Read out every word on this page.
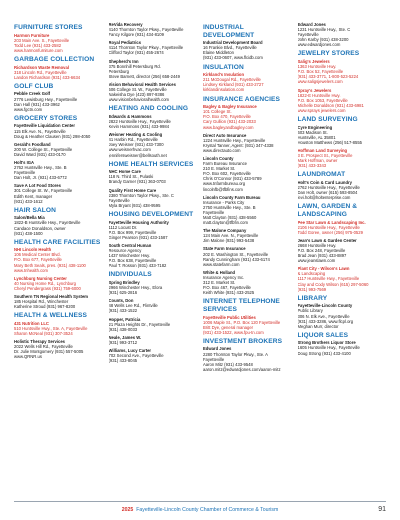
FURNITURE STORES
Harmon Furniture
203 Main Ave. S., Fayetteville
Todd Lee (931) 433-2582
www.harmonfurniture.com
GARBAGE COLLECTION
Richardson Waste Removal
318 Lincoln Rd., Fayetteville
Landon Richardson (931) 433-6634
GOLF CLUB
Pebble Creek Golf
2776 Lewisburg Hwy., Fayetteville
Dan Hall (931) 433-3962
www.fgctn.com
GROCERY STORES
Fayetteville Liquidation Center
115 Elk Ave. N., Fayetteville
Doug & Heather Clausen (931) 298-4050
Gerald's Foodland
200 W. College St., Fayetteville
David Ward (931) 433-0170
Holt's IGA
2762 Huntsville Hwy., Ste. B
Fayetteville
Dan Holt, Jr. (931) 433-6772
Save A Lot Food Stores
301 College St. W., Fayetteville
Edith Kent, manager
(931) 433-1612
HAIR SALON
Salon/Bella Mia
1822-B Huntsville Hwy., Fayetteville
Candace Donaldson, owner
(931) 438-1500
HEALTH CARE FACILITIES
NHI Lincoln Health
106 Medical Center Blvd.
P.O. Box 677, Fayetteville
Mary Beth Seals, pres. (931) 438-1100
www.tnhealth.com
Lynchburg Nursing Center
40 Nursing Home Rd., Lynchburg
Cheryl Pendergrass (931) 759-6000
Southern TN Regional Health System
185 Hospital Rd., Winchester
Katherine Stroud (931) 967-8200
HEALTH & WELLNESS
431 Nutrition LLC
510 Huntsville Hwy., Ste. A, Fayetteville
Sharon McNeal (931) 307-3524
Holistic Therapy Services
2022 Wells Hill Rd., Fayetteville
Dr. Julie Montgomery (931) 557-5005
www.QRNR.us
ReVida Recovery
4140 Thornton Taylor Pkwy., Fayetteville
Fancy Kilgore (931) 434-8109
Royal Pediatrics
4114 Thornton Taylor Pkwy., Fayetteville
Clifford Taylor (931) 455-2674
Shepherd's Inn
375 Bonnhill Petersburg Rd.
Petersburg
Steve Barnett, director (256) 658-2449
Vision Behavioral Health Services
506 College St. W., Fayetteville
Nakeisha Dye (423) 897-9386
www.visionbehavioralhealth.com
HEATING AND COOLING
Edwards & Hammons
2822 Huntsville Hwy., Fayetteville
Kevin Hammons (931) 433-9984
Weisner Heating & Cooling
41 Harbin Rd., Fayetteville
Joey Weisner (931) 433-7300
www.weisnerhvac.com
jennifersweisner@bellsouth.net
HOME HEALTH SERVICES
NHC Home Care
118 N. Third St., Pulaski
Brandy Garner (931) 363-0703
Quality First Home Care
2380 Thornton Taylor Pkwy., Ste. C
Fayetteville
Myla Bryant (931) 438-9595
HOUSING DEVELOPMENT
Fayetteville Housing Authority
1112 Locust Dr.
P.O. Box 999, Fayetteville
Ginger Pearson (931) 433-1587
South Central Human
Resource Agency
1437 Winchester Hwy.
P.O. Box 638, Fayetteville
Paul T. Rosson (931) 433-7182
INDIVIDUALS
Spring Brindley
2966 Winchester Hwy., Elora
(931) 625-2816
Counts, Don
48 Wells Lee Rd., Flintville
(931) 433-1522
Hopper, Patricia
21 Plaza Heights Dr., Fayetteville
(931) 438-0033
Neale, James W.
(931) 993-3712
Williams, Lucy Carter
702 Second Ave., Fayetteville
(931) 433-8045
INDUSTRIAL DEVELOPMENT
Industrial Development Board
16 Frankie Blvd., Fayetteville
Elaine Middleton
(931) 433-0607, www.flcidb.com
INSULATION
Kirkland's Insulation
211 McDougal Rd., Fayetteville
Lindsey Kirkland (931) 433-2727
kirklandinsulation.com
INSURANCE AGENCIES
Bagley & Bagley Insurance
101 College St.
P.O. Box 470, Fayetteville
Cary Gullion (931) 433-2033
www.bagleyandbagley.com
Direct Auto Insurance
1224 Huntsville Hwy., Fayetteville
Krystal Tanner, Agent: (931) 347-4338
www.directauto.com
Lincoln County
Farm Bureau Insurance
210 E. Market St.
P.O. Box 602, Fayetteville
Chris O'Connor (931) 433-5789
www.tnfarmbureau.org
lincolnfb@tfbfins.com
Lincoln County Farm Bureau
Insurance - Parks City
2750 Huntsville Hwy., Ste. B
Fayetteville
Matt Clayton (931) 438-5560
matt.clayton@tfbfin.com
The Malone Company
124 Main Ave. N., Fayetteville
Jim Malone (931) 993-5438
State Farm Insurance
202 E. Washington St., Fayetteville
Randy Cunningham (931) 433-6174
www.statefarm.com
White & Holland
Insurance Agency Inc.
312 E. Market St.
P.O. Box 467, Fayetteville
Keith White (931) 433-2525
INTERNET TELEPHONE SERVICES
Fayetteville Public Utilities
1006 Maple St., P.O. Box 120 Fayetteville
Britt Dye, general manager
(931) 433-1522, www.fpu-tn.com
INVESTMENT BROKERS
Edward Jones
2280 Thornton Taylor Pkwy., Ste. A
Fayetteville
Aaron Mitz (931) 433-9548
aaron.mitz@edwardjones.com/aaron-mitz
Edward Jones
1231 Huntsville Hwy., Ste. C
Fayetteville
John Karby (931) 438-3200
www.edwardjones.com
JEWELRY STORES
Salig's Jewelers
1363 Huntsville Hwy.
P.O. Box 52, Fayetteville
(931) 433-3771, 1-800-523-5224
www.saligsjewelers.com
Spray's Jewelers
1822-E Huntsville Hwy.
P.O. Box 1053, Fayetteville
Michelle Donaldson (931) 433-6981
www.sprays jewelers.com
LAND SURVEYING
Cyre Engineering
603 Madison St.
Huntsville, AL 35801
Houston Matthews (256) 517-8555
Hoffman Land Surveying
3 E. Prospect St., Fayetteville
Mark Hoffman, owner
(931) 433-3343
LAUNDROMAT
Holt's Coin & Card Laundry
2762 Huntsville Hwy., Fayetteville
Dan Holt, owner (615) 593-8504
levi.holt@holtenterprise.com
LAWN, GARDEN & LANDSCAPING
Pee Star Lawn & Landscaping Inc.
2106 Huntsville Hwy., Fayetteville
Todd Goree, owner (256) 975-0529
Jean's Lawn & Garden Center
2668 Huntsville Hwy.
P.O. Box 248, Fayetteville
Brad Jean (931) 433-8897
www.jeanslawn.com
Plant City - Wilson's Lawn
& Landscaping
1117 Huntsville Hwy., Fayetteville
Clay and Cody Wilson (615) 297-5060
(931) 993-7569
LIBRARY
Fayetteville-Lincoln County
Public Library
306 N. Elk Ave., Fayetteville
(931) 433-3286, www.flcpl.org
Meghan Murr, director
LIQUOR SALES
Strong Brothers Liquor Store
1605 Huntsville Hwy., Fayetteville
Doug Strong (931) 433-4100
2025 Fayetteville-Lincoln County Chamber of Commerce & Tourism	91
